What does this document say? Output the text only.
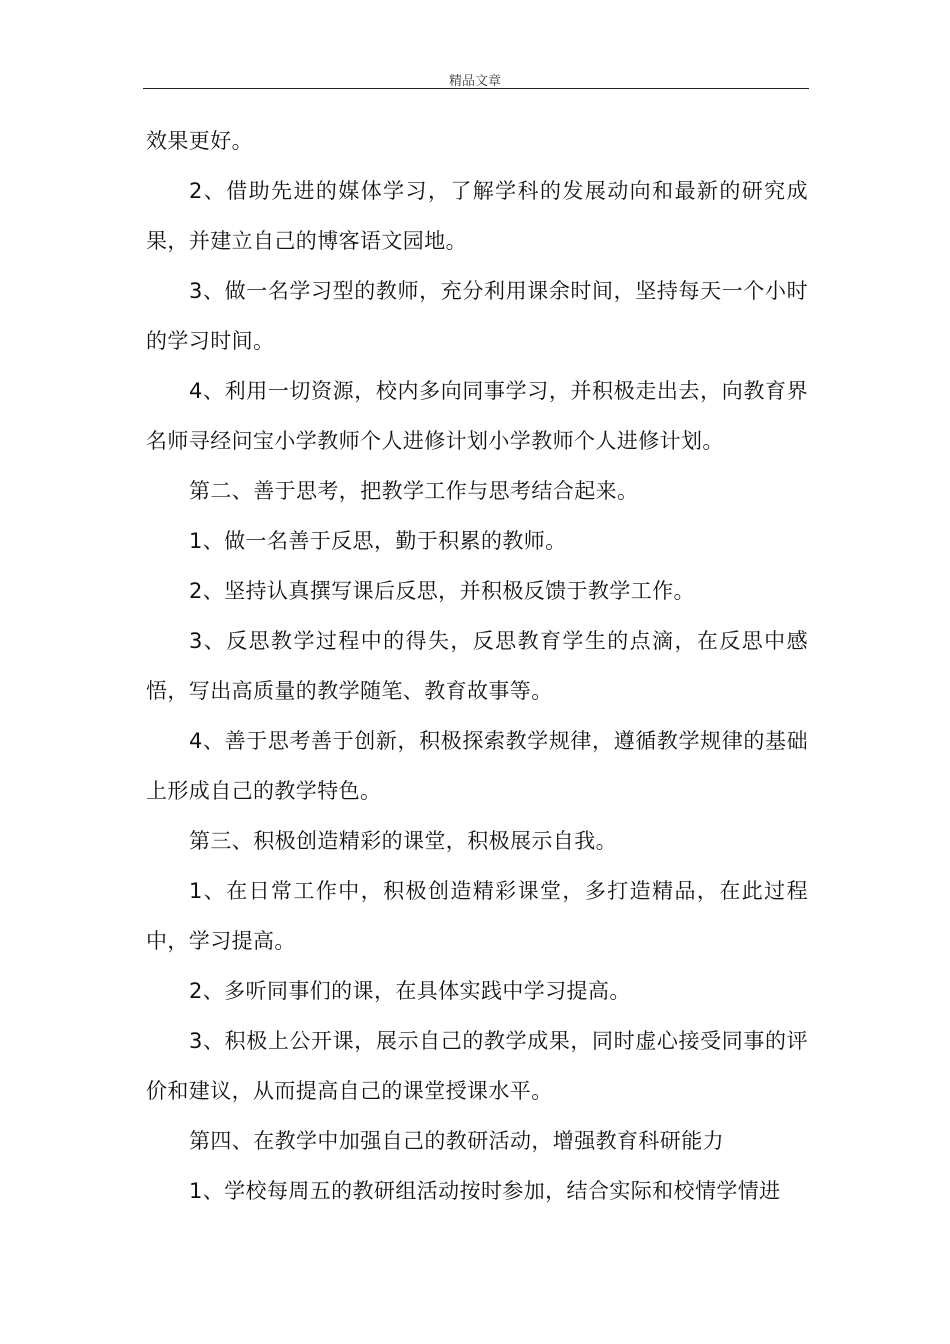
精品文章

效果更好。

2、借助先进的媒体学习，了解学科的发展动向和最新的研究成果，并建立自己的博客语文园地。

3、做一名学习型的教师，充分利用课余时间，坚持每天一个小时的学习时间。

4、利用一切资源，校内多向同事学习，并积极走出去，向教育界名师寻经问宝小学教师个人进修计划小学教师个人进修计划。

第二、善于思考，把教学工作与思考结合起来。

1、做一名善于反思，勤于积累的教师。

2、坚持认真撰写课后反思，并积极反馈于教学工作。

3、反思教学过程中的得失，反思教育学生的点滴，在反思中感悟，写出高质量的教学随笔、教育故事等。

4、善于思考善于创新，积极探索教学规律，遵循教学规律的基础上形成自己的教学特色。

第三、积极创造精彩的课堂，积极展示自我。

1、在日常工作中，积极创造精彩课堂，多打造精品，在此过程中，学习提高。

2、多听同事们的课，在具体实践中学习提高。

3、积极上公开课，展示自己的教学成果，同时虚心接受同事的评价和建议，从而提高自己的课堂授课水平。

第四、在教学中加强自己的教研活动，增强教育科研能力

1、学校每周五的教研组活动按时参加，结合实际和校情学情进
